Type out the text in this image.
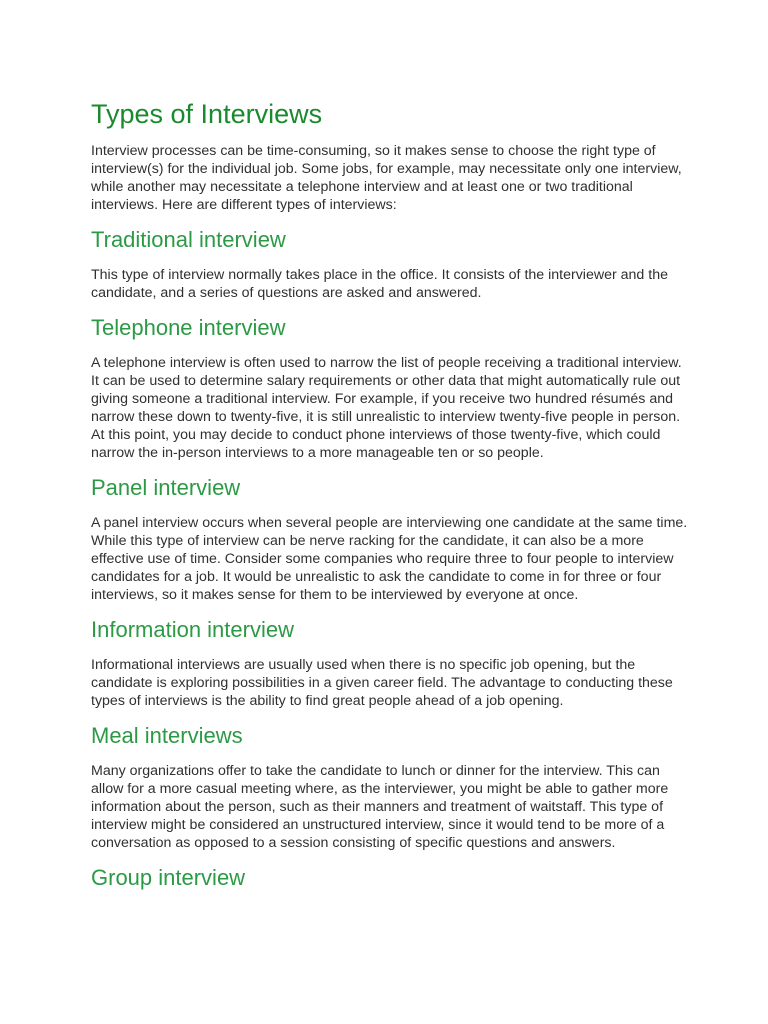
Types of Interviews

Interview processes can be time-consuming, so it makes sense to choose the right type of interview(s) for the individual job. Some jobs, for example, may necessitate only one interview, while another may necessitate a telephone interview and at least one or two traditional interviews. Here are different types of interviews:

Traditional interview

This type of interview normally takes place in the office. It consists of the interviewer and the candidate, and a series of questions are asked and answered.

Telephone interview

A telephone interview is often used to narrow the list of people receiving a traditional interview. It can be used to determine salary requirements or other data that might automatically rule out giving someone a traditional interview. For example, if you receive two hundred résumés and narrow these down to twenty-five, it is still unrealistic to interview twenty-five people in person. At this point, you may decide to conduct phone interviews of those twenty-five, which could narrow the in-person interviews to a more manageable ten or so people.

Panel interview

A panel interview occurs when several people are interviewing one candidate at the same time. While this type of interview can be nerve racking for the candidate, it can also be a more effective use of time. Consider some companies who require three to four people to interview candidates for a job. It would be unrealistic to ask the candidate to come in for three or four interviews, so it makes sense for them to be interviewed by everyone at once.

Information interview

Informational interviews are usually used when there is no specific job opening, but the candidate is exploring possibilities in a given career field. The advantage to conducting these types of interviews is the ability to find great people ahead of a job opening.

Meal interviews

Many organizations offer to take the candidate to lunch or dinner for the interview. This can allow for a more casual meeting where, as the interviewer, you might be able to gather more information about the person, such as their manners and treatment of waitstaff. This type of interview might be considered an unstructured interview, since it would tend to be more of a conversation as opposed to a session consisting of specific questions and answers.

Group interview
